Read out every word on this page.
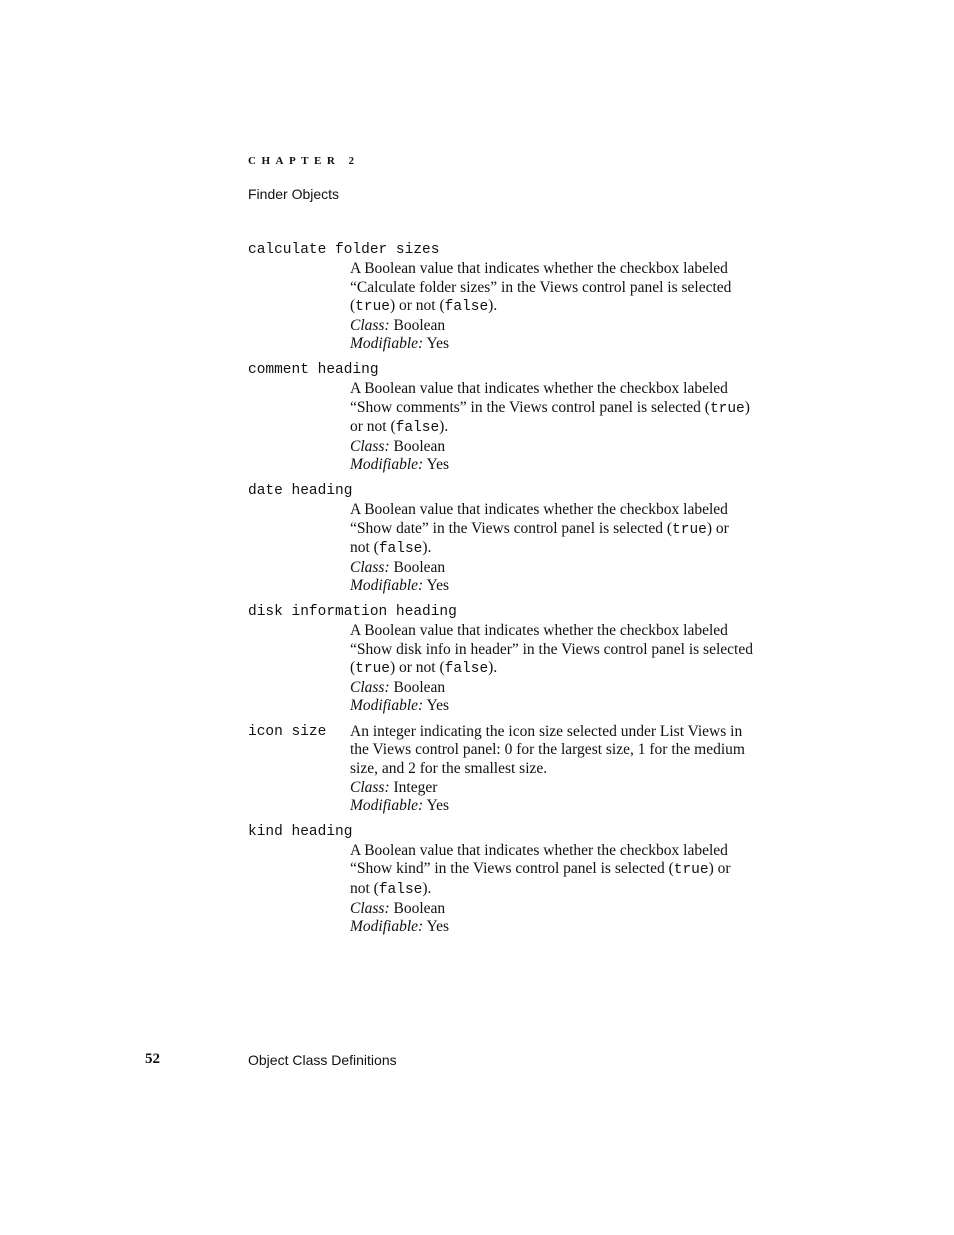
CHAPTER 2
Finder Objects
calculate folder sizes
A Boolean value that indicates whether the checkbox labeled
“Calculate folder sizes” in the Views control panel is selected
(true) or not (false).
Class: Boolean
Modifiable: Yes
comment heading
A Boolean value that indicates whether the checkbox labeled
“Show comments” in the Views control panel is selected (true)
or not (false).
Class: Boolean
Modifiable: Yes
date heading
A Boolean value that indicates whether the checkbox labeled
“Show date” in the Views control panel is selected (true) or
not (false).
Class: Boolean
Modifiable: Yes
disk information heading
A Boolean value that indicates whether the checkbox labeled
“Show disk info in header” in the Views control panel is selected
(true) or not (false).
Class: Boolean
Modifiable: Yes
icon size	An integer indicating the icon size selected under List Views in
the Views control panel: 0 for the largest size, 1 for the medium
size, and 2 for the smallest size.
Class: Integer
Modifiable: Yes
kind heading
A Boolean value that indicates whether the checkbox labeled
“Show kind” in the Views control panel is selected (true) or
not (false).
Class: Boolean
Modifiable: Yes
52	Object Class Definitions
